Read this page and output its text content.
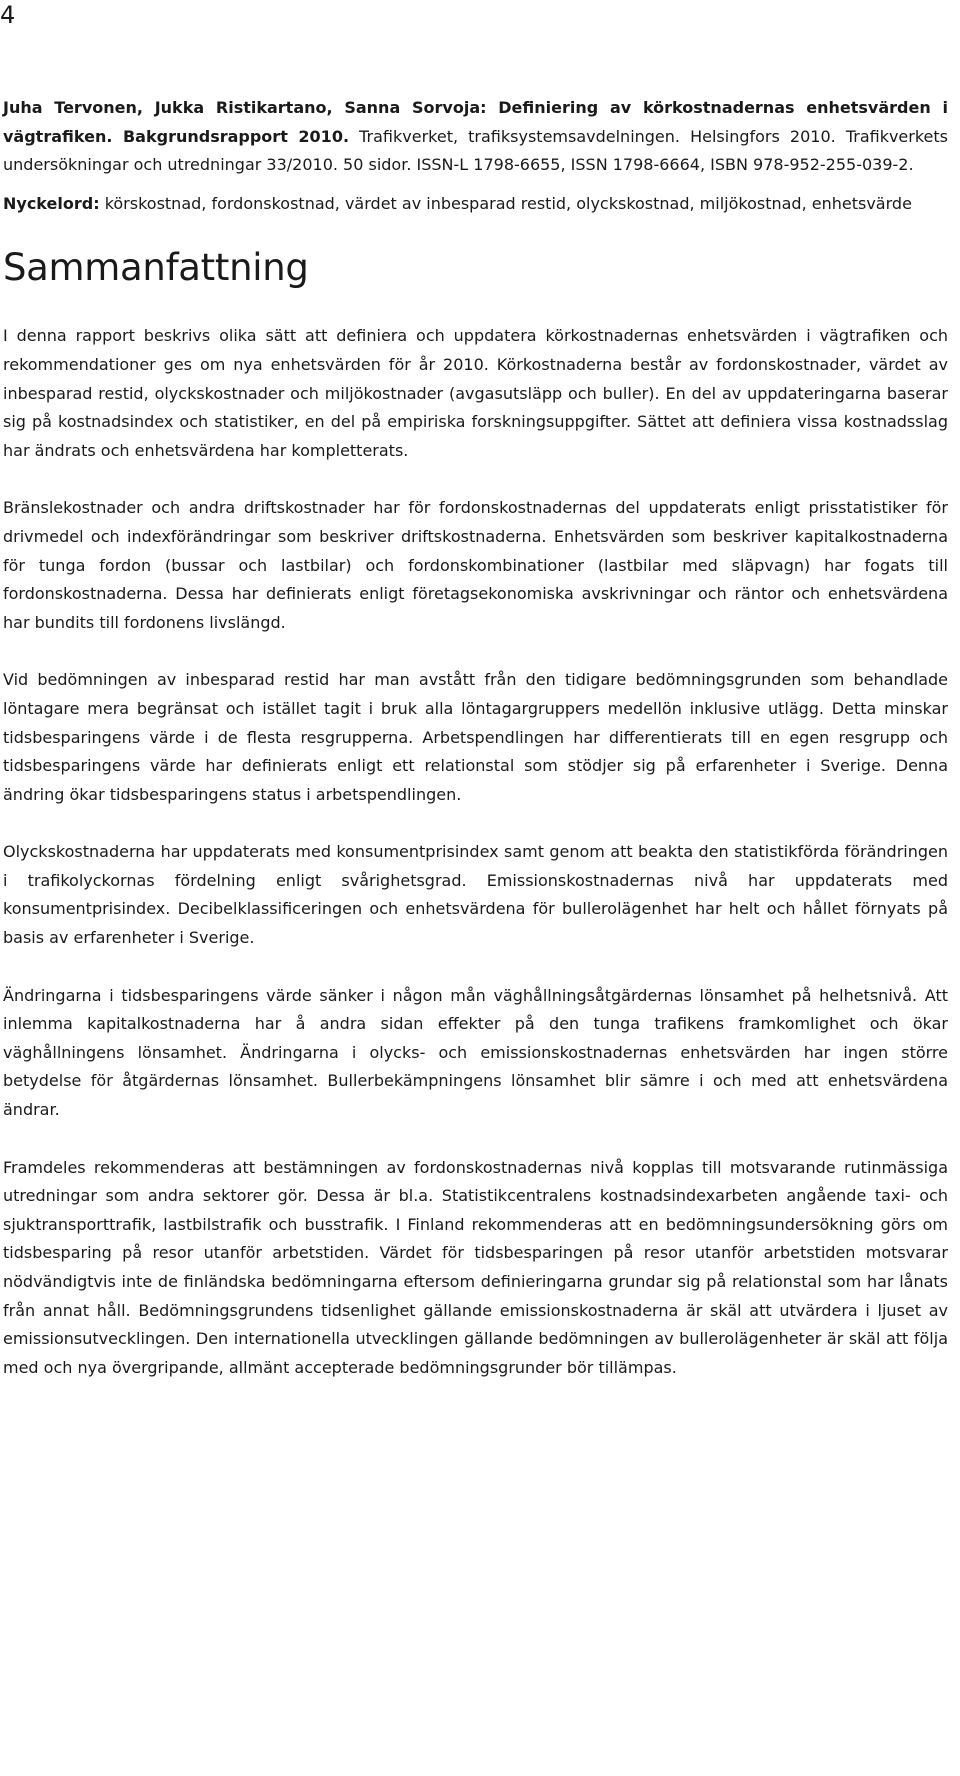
4

Juha Tervonen, Jukka Ristikartano, Sanna Sorvoja: Definiering av körkostnadernas enhetsvärden i vägtrafiken. Bakgrundsrapport 2010. Trafikverket, trafiksystemsavdelningen. Helsingfors 2010. Trafikverkets undersökningar och utredningar 33/2010. 50 sidor. ISSN-L 1798-6655, ISSN 1798-6664, ISBN 978-952-255-039-2.

Nyckelord: körskostnad, fordonskostnad, värdet av inbesparad restid, olyckskostnad, miljökostnad, enhetsvärde

Sammanfattning

I denna rapport beskrivs olika sätt att definiera och uppdatera körkostnadernas enhetsvärden i vägtrafiken och rekommendationer ges om nya enhetsvärden för år 2010. Körkostnaderna består av fordonskostnader, värdet av inbesparad restid, olyckskostnader och miljökostnader (avgasutsläpp och buller). En del av uppdateringarna baserar sig på kostnadsindex och statistiker, en del på empiriska forskningsuppgifter. Sättet att definiera vissa kostnadsslag har ändrats och enhetsvärdena har kompletterats.

Bränslekostnader och andra driftskostnader har för fordonskostnadernas del uppdaterats enligt prisstatistiker för drivmedel och indexförändringar som beskriver driftskostnaderna. Enhetsvärden som beskriver kapitalkostnaderna för tunga fordon (bussar och lastbilar) och fordonskombinationer (lastbilar med släpvagn) har fogats till fordonskostnaderna. Dessa har definierats enligt företagsekonomiska avskrivningar och räntor och enhetsvärdena har bundits till fordonens livslängd.

Vid bedömningen av inbesparad restid har man avstått från den tidigare bedömningsgrunden som behandlade löntagare mera begränsat och istället tagit i bruk alla löntagargruppers medellön inklusive utlägg. Detta minskar tidsbesparingens värde i de flesta resgrupperna. Arbetspendlingen har differentierats till en egen resgrupp och tidsbesparingens värde har definierats enligt ett relationstal som stödjer sig på erfarenheter i Sverige. Denna ändring ökar tidsbesparingens status i arbetspendlingen.

Olyckskostnaderna har uppdaterats med konsumentprisindex samt genom att beakta den statistikförda förändringen i trafikolyckornas fördelning enligt svårighetsgrad. Emissionskostnadernas nivå har uppdaterats med konsumentprisindex. Decibelklassificeringen och enhetsvärdena för bullerolägenhet har helt och hållet förnyats på basis av erfarenheter i Sverige.

Ändringarna i tidsbesparingens värde sänker i någon mån väghållningsåtgärdernas lönsamhet på helhetsnivå. Att inlemma kapitalkostnaderna har å andra sidan effekter på den tunga trafikens framkomlighet och ökar väghållningens lönsamhet. Ändringarna i olycks- och emissionskostnadernas enhetsvärden har ingen större betydelse för åtgärdernas lönsamhet. Bullerbekämpningens lönsamhet blir sämre i och med att enhetsvärdena ändrar.

Framdeles rekommenderas att bestämningen av fordonskostnadernas nivå kopplas till motsvarande rutinmässiga utredningar som andra sektorer gör. Dessa är bl.a. Statistikcentralens kostnadsindexarbeten angående taxi- och sjuktransporttrafik, lastbilstrafik och busstrafik. I Finland rekommenderas att en bedömningsundersökning görs om tidsbesparing på resor utanför arbetstiden. Värdet för tidsbesparingen på resor utanför arbetstiden motsvarar nödvändigtvis inte de finländska bedömningarna eftersom definieringarna grundar sig på relationstal som har lånats från annat håll. Bedömningsgrundens tidsenlighet gällande emissionskostnaderna är skäl att utvärdera i ljuset av emissionsutvecklingen. Den internationella utvecklingen gällande bedömningen av bullerolägenheter är skäl att följa med och nya övergripande, allmänt accepterade bedömningsgrunder bör tillämpas.
